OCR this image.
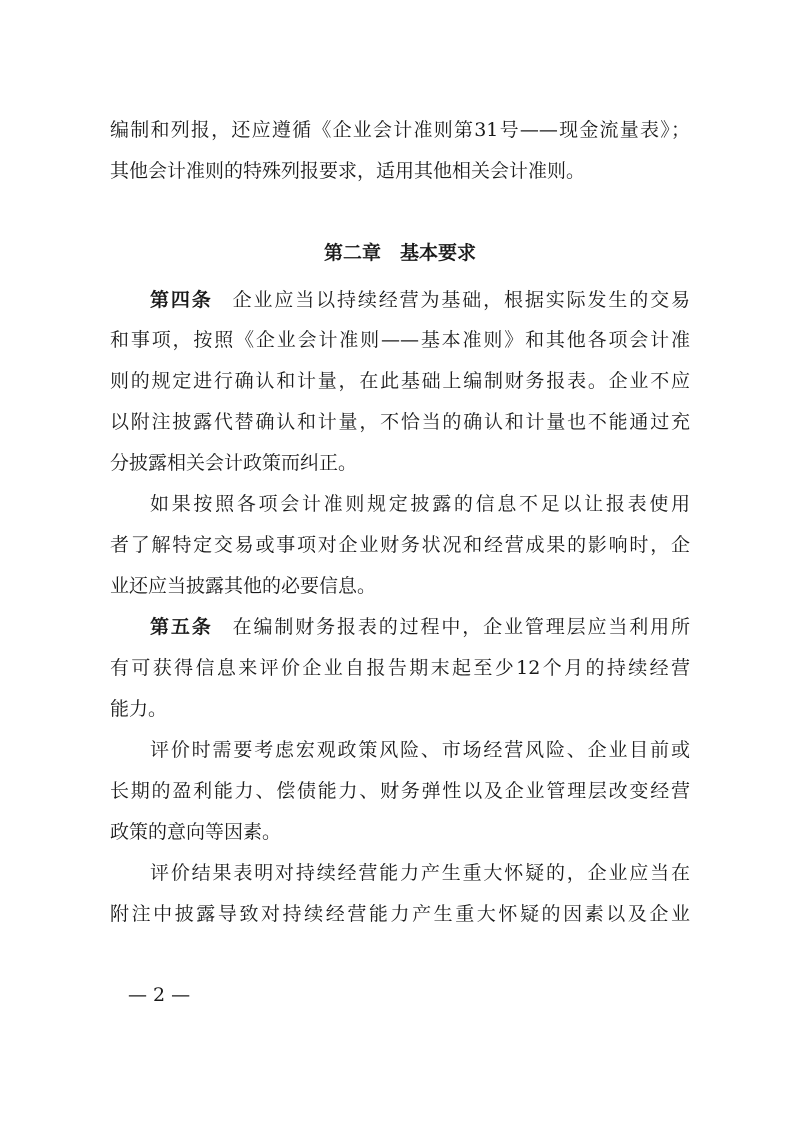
编制和列报，还应遵循《企业会计准则第31号——现金流量表》；
其他会计准则的特殊列报要求，适用其他相关会计准则。
第二章　基本要求
第四条 企业应当以持续经营为基础，根据实际发生的交易
和事项，按照《企业会计准则——基本准则》和其他各项会计准
则的规定进行确认和计量，在此基础上编制财务报表。企业不应
以附注披露代替确认和计量，不恰当的确认和计量也不能通过充
分披露相关会计政策而纠正。
如果按照各项会计准则规定披露的信息不足以让报表使用
者了解特定交易或事项对企业财务状况和经营成果的影响时，企
业还应当披露其他的必要信息。
第五条 在编制财务报表的过程中，企业管理层应当利用所
有可获得信息来评价企业自报告期末起至少12个月的持续经营
能力。
评价时需要考虑宏观政策风险、市场经营风险、企业目前或
长期的盈利能力、偿债能力、财务弹性以及企业管理层改变经营
政策的意向等因素。
评价结果表明对持续经营能力产生重大怀疑的，企业应当在
附注中披露导致对持续经营能力产生重大怀疑的因素以及企业
— 2 —
